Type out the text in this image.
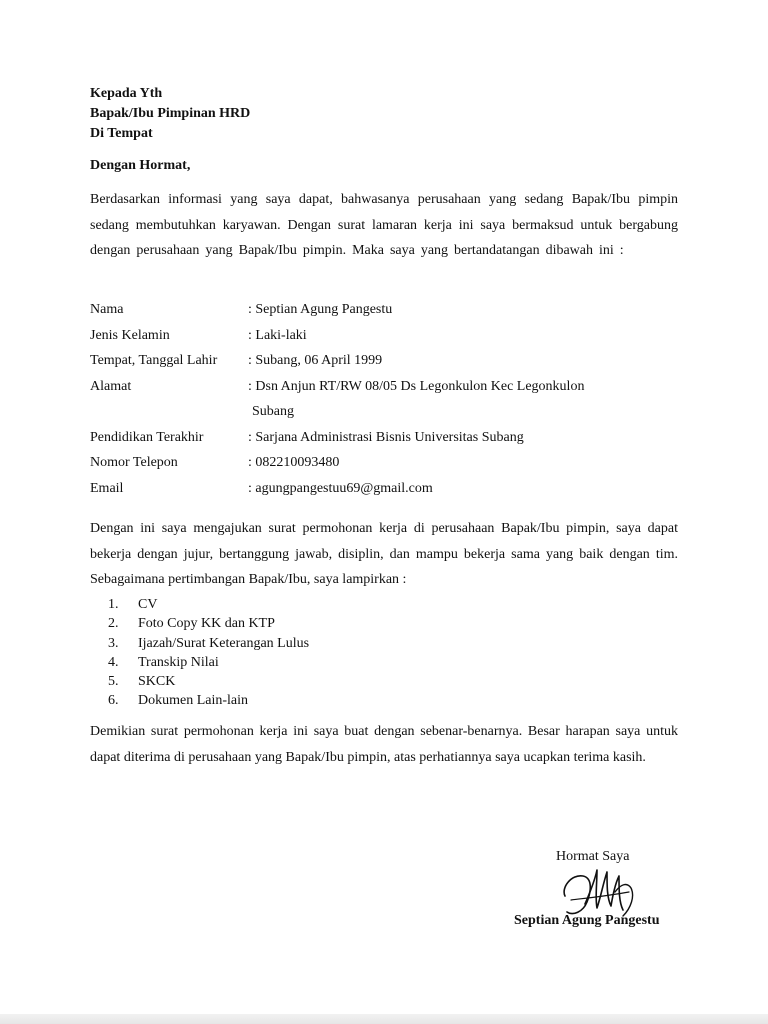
Kepada Yth
Bapak/Ibu Pimpinan HRD
Di Tempat
Dengan Hormat,
Berdasarkan informasi yang saya dapat, bahwasanya perusahaan yang sedang Bapak/Ibu pimpin sedang membutuhkan karyawan. Dengan surat lamaran kerja ini saya bermaksud untuk bergabung dengan perusahaan yang Bapak/Ibu pimpin. Maka saya yang bertandatangan dibawah ini :
Nama	: Septian Agung Pangestu
Jenis Kelamin	: Laki-laki
Tempat, Tanggal Lahir	: Subang, 06 April 1999
Alamat	: Dsn Anjun RT/RW 08/05 Ds Legonkulon Kec Legonkulon
Subang

Pendidikan Terakhir	: Sarjana Administrasi Bisnis Universitas Subang
Nomor Telepon	: 082210093480
Email	: agungpangestuu69@gmail.com
Dengan ini saya mengajukan surat permohonan kerja di perusahaan Bapak/Ibu pimpin, saya dapat bekerja dengan jujur, bertanggung jawab, disiplin, dan mampu bekerja sama yang baik dengan tim. Sebagaimana pertimbangan Bapak/Ibu, saya lampirkan :
1.	CV
2.	Foto Copy KK dan KTP
3.	Ijazah/Surat Keterangan Lulus
4.	Transkip Nilai
5.	SKCK
6.	Dokumen Lain-lain
Demikian surat permohonan kerja ini saya buat dengan sebenar-benarnya. Besar harapan saya untuk dapat diterima di perusahaan yang Bapak/Ibu pimpin, atas perhatiannya saya ucapkan terima kasih.
Hormat Saya
Septian Agung Pangestu
